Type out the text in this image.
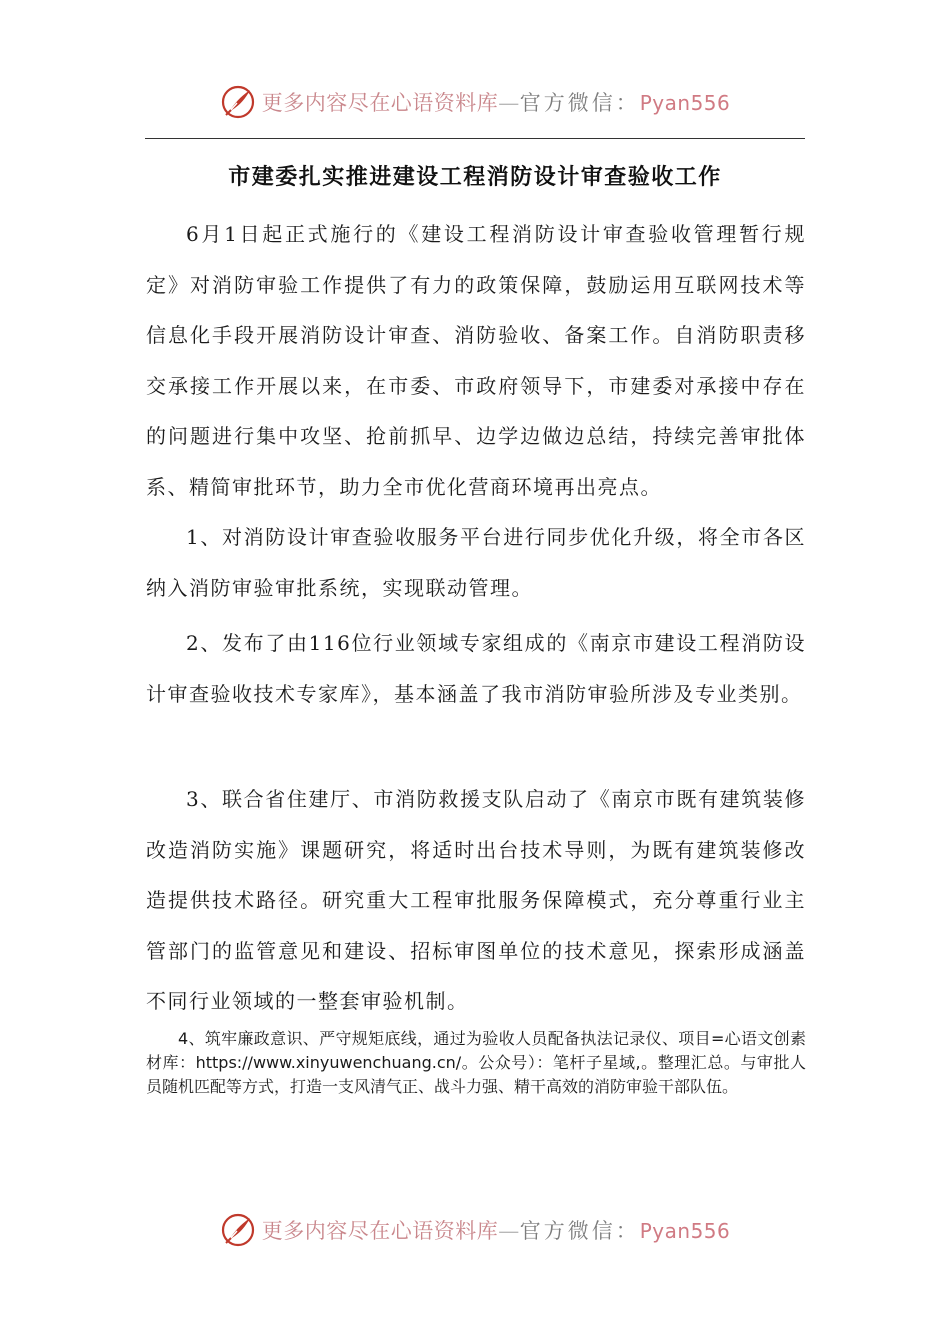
更多内容尽在心语资料库—官方微信：Pyan556
市建委扎实推进建设工程消防设计审查验收工作

6月1日起正式施行的《建设工程消防设计审查验收管理暂行规定》对消防审验工作提供了有力的政策保障，鼓励运用互联网技术等信息化手段开展消防设计审查、消防验收、备案工作。自消防职责移交承接工作开展以来，在市委、市政府领导下，市建委对承接中存在的问题进行集中攻坚、抢前抓早、边学边做边总结，持续完善审批体系、精简审批环节，助力全市优化营商环境再出亮点。

1、对消防设计审查验收服务平台进行同步优化升级，将全市各区纳入消防审验审批系统，实现联动管理。

2、发布了由116位行业领域专家组成的《南京市建设工程消防设计审查验收技术专家库》，基本涵盖了我市消防审验所涉及专业类别。

3、联合省住建厅、市消防救援支队启动了《南京市既有建筑装修改造消防实施》课题研究，将适时出台技术导则，为既有建筑装修改造提供技术路径。研究重大工程审批服务保障模式，充分尊重行业主管部门的监管意见和建设、招标审图单位的技术意见，探索形成涵盖不同行业领域的一整套审验机制。

4、筑牢廉政意识、严守规矩底线，通过为验收人员配备执法记录仪、项目=心语文创素材库：https://www.xinyuwenchuang.cn/。公众号）：笔杆子星域,。整理汇总。与审批人员随机匹配等方式，打造一支风清气正、战斗力强、精干高效的消防审验干部队伍。

更多内容尽在心语资料库—官方微信：Pyan556
